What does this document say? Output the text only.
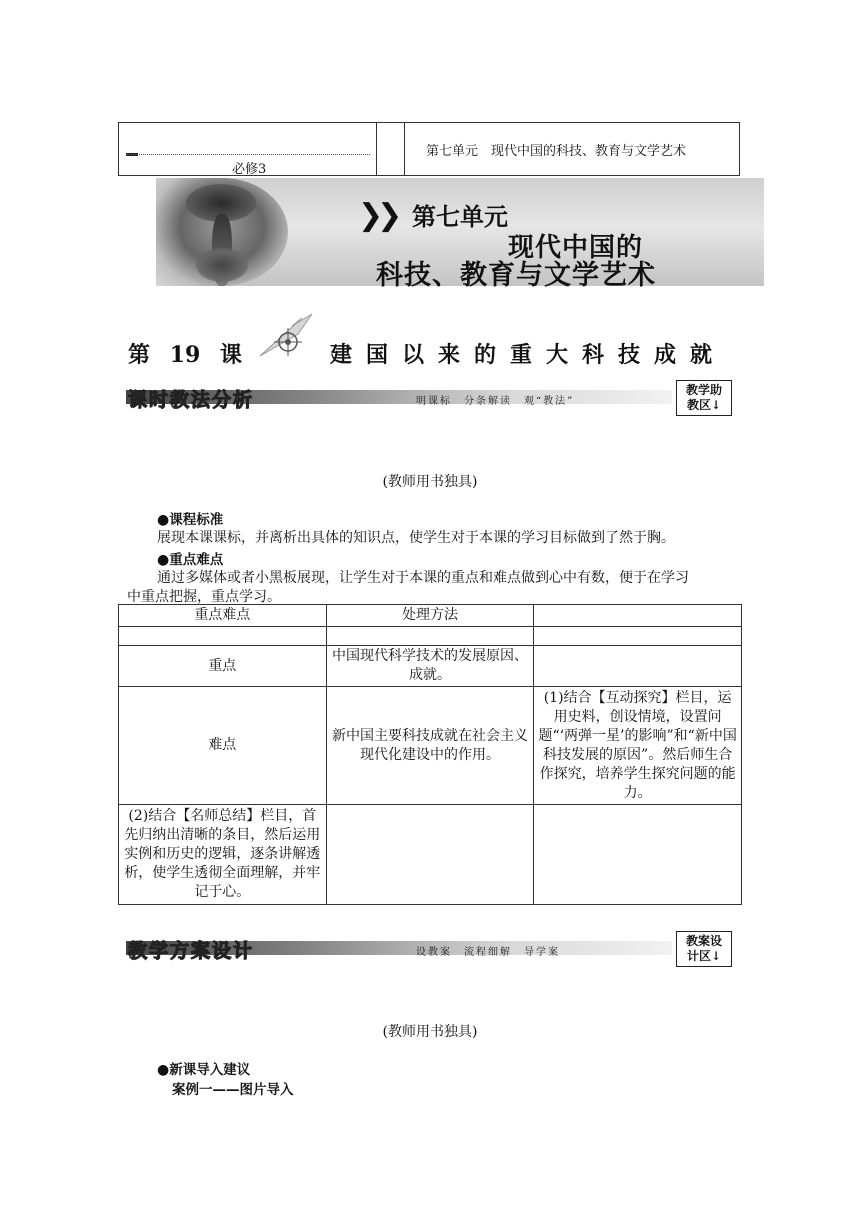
必修3
第七单元　现代中国的科技、教育与文学艺术
❯❯ 第七单元
现代中国的
科技、教育与文学艺术
第 19 课	建国以来的重大科技成就
课时教法分析	明课标　分条解读　观“教法”
教学助
教区↓
(教师用书独具)
●课程标准
展现本课课标，并离析出具体的知识点，使学生对于本课的学习目标做到了然于胸。
●重点难点
通过多媒体或者小黑板展现，让学生对于本课的重点和难点做到心中有数，便于在学习
中重点把握，重点学习。
重点难点	处理方法	

重点	中国现代科学技术的发展原因、成就。	
难点	新中国主要科技成就在社会主义现代化建设中的作用。	(1)结合【互动探究】栏目，运用史料，创设情境，设置问题“‘两弹一星’的影响”和“新中国科技发展的原因”。然后师生合作探究，培养学生探究问题的能力。
(2)结合【名师总结】栏目，首先归纳出清晰的条目，然后运用实例和历史的逻辑，逐条讲解透析，使学生透彻全面理解，并牢记于心。		
教学方案设计	设教案　流程细解　导学案
教案设
计区↓
(教师用书独具)
●新课导入建议
案例一——图片导入
